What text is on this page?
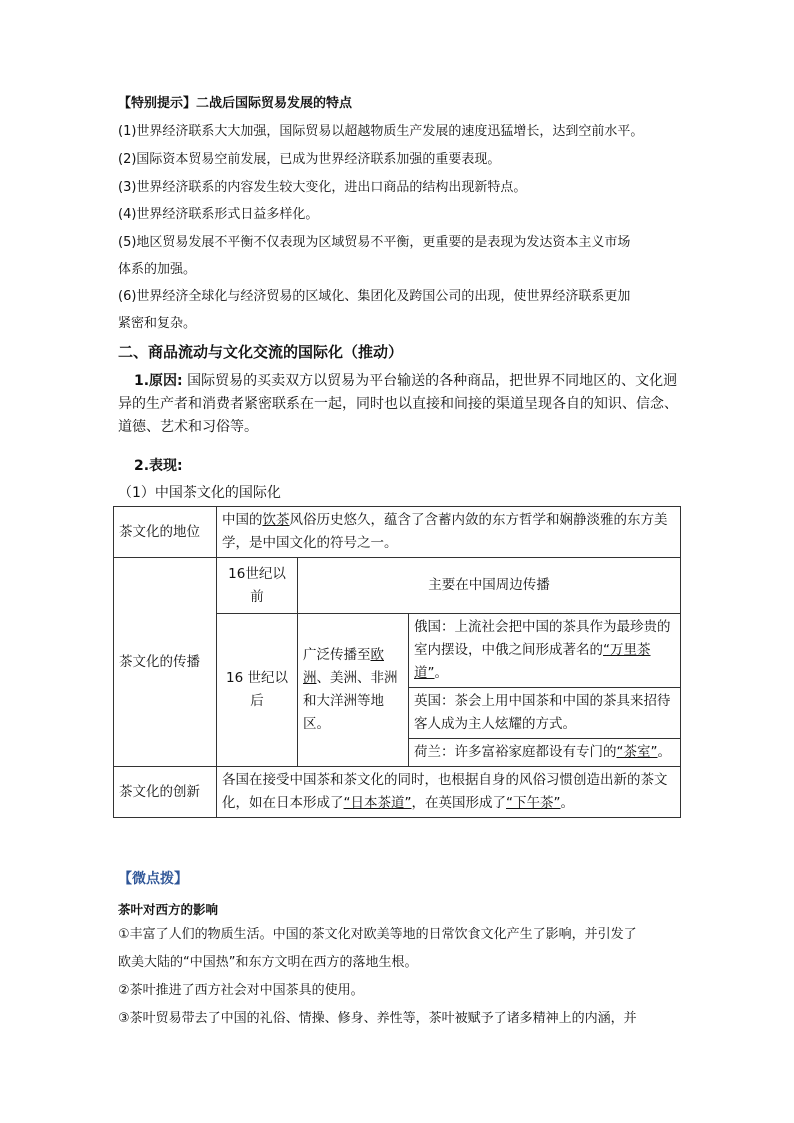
【特别提示】二战后国际贸易发展的特点
(1)世界经济联系大大加强，国际贸易以超越物质生产发展的速度迅猛增长，达到空前水平。
(2)国际资本贸易空前发展，已成为世界经济联系加强的重要表现。
(3)世界经济联系的内容发生较大变化，进出口商品的结构出现新特点。
(4)世界经济联系形式日益多样化。
(5)地区贸易发展不平衡不仅表现为区域贸易不平衡，更重要的是表现为发达资本主义市场
体系的加强。
(6)世界经济全球化与经济贸易的区域化、集团化及跨国公司的出现，使世界经济联系更加
紧密和复杂。
二、商品流动与文化交流的国际化（推动）
1.原因: 国际贸易的买卖双方以贸易为平台输送的各种商品，把世界不同地区的、文化迥
异的生产者和消费者紧密联系在一起，同时也以直接和间接的渠道呈现各自的知识、信念、
道德、艺术和习俗等。
2.表现:
（1）中国茶文化的国际化
茶文化的地位	中国的饮茶风俗历史悠久，蕴含了含蓄内敛的东方哲学和娴静淡雅的东方美学，是中国文化的符号之一。		
茶文化的传播	16世纪以前	主要在中国周边传播	
	16 世纪以后	广泛传播至欧洲、美洲、非洲和大洋洲等地区。	俄国：上流社会把中国的茶具作为最珍贵的室内摆设，中俄之间形成著名的“万里茶道”。
			英国：茶会上用中国茶和中国的茶具来招待客人成为主人炫耀的方式。
			荷兰：许多富裕家庭都设有专门的“茶室”。
茶文化的创新	各国在接受中国茶和茶文化的同时，也根据自身的风俗习惯创造出新的茶文化，如在日本形成了“日本茶道”，在英国形成了“下午茶”。		
【微点拨】
茶叶对西方的影响
①丰富了人们的物质生活。中国的茶文化对欧美等地的日常饮食文化产生了影响，并引发了
欧美大陆的“中国热”和东方文明在西方的落地生根。
②茶叶推进了西方社会对中国茶具的使用。
③茶叶贸易带去了中国的礼俗、情操、修身、养性等，茶叶被赋予了诸多精神上的内涵，并
